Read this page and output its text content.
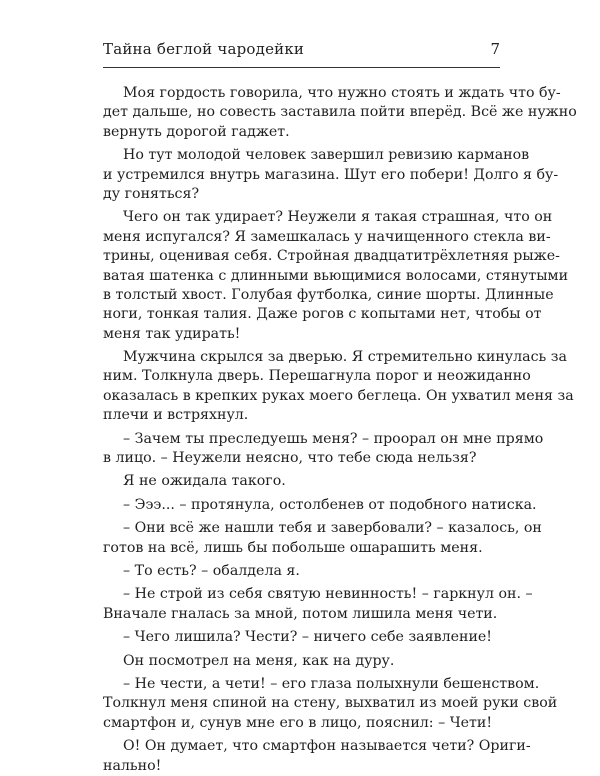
Тайна беглой чародейки	7

Моя гордость говорила, что нужно стоять и ждать что бу-
дет дальше, но совесть заставила пойти вперёд. Всё же нужно
вернуть дорогой гаджет.

Но тут молодой человек завершил ревизию карманов
и устремился внутрь магазина. Шут его побери! Долго я бу-
ду гоняться?

Чего он так удирает? Неужели я такая страшная, что он
меня испугался? Я замешкалась у начищенного стекла ви-
трины, оценивая себя. Стройная двадцатитрёхлетняя рыже-
ватая шатенка с длинными вьющимися волосами, стянутыми
в толстый хвост. Голубая футболка, синие шорты. Длинные
ноги, тонкая талия. Даже рогов с копытами нет, чтобы от
меня так удирать!

Мужчина скрылся за дверью. Я стремительно кинулась за
ним. Толкнула дверь. Перешагнула порог и неожиданно
оказалась в крепких руках моего беглеца. Он ухватил меня за
плечи и встряхнул.

– Зачем ты преследуешь меня? – проорал он мне прямо
в лицо. – Неужели неясно, что тебе сюда нельзя?

Я не ожидала такого.

– Эээ... – протянула, остолбенев от подобного натиска.

– Они всё же нашли тебя и завербовали? – казалось, он
готов на всё, лишь бы побольше ошарашить меня.

– То есть? – обалдела я.

– Не строй из себя святую невинность! – гаркнул он. –
Вначале гналась за мной, потом лишила меня чети.

– Чего лишила? Чести? – ничего себе заявление!

Он посмотрел на меня, как на дуру.

– Не чести, а чети! – его глаза полыхнули бешенством.
Толкнул меня спиной на стену, выхватил из моей руки свой
смартфон и, сунув мне его в лицо, пояснил: – Чети!

О! Он думает, что смартфон называется чети? Ориги-
нально!
